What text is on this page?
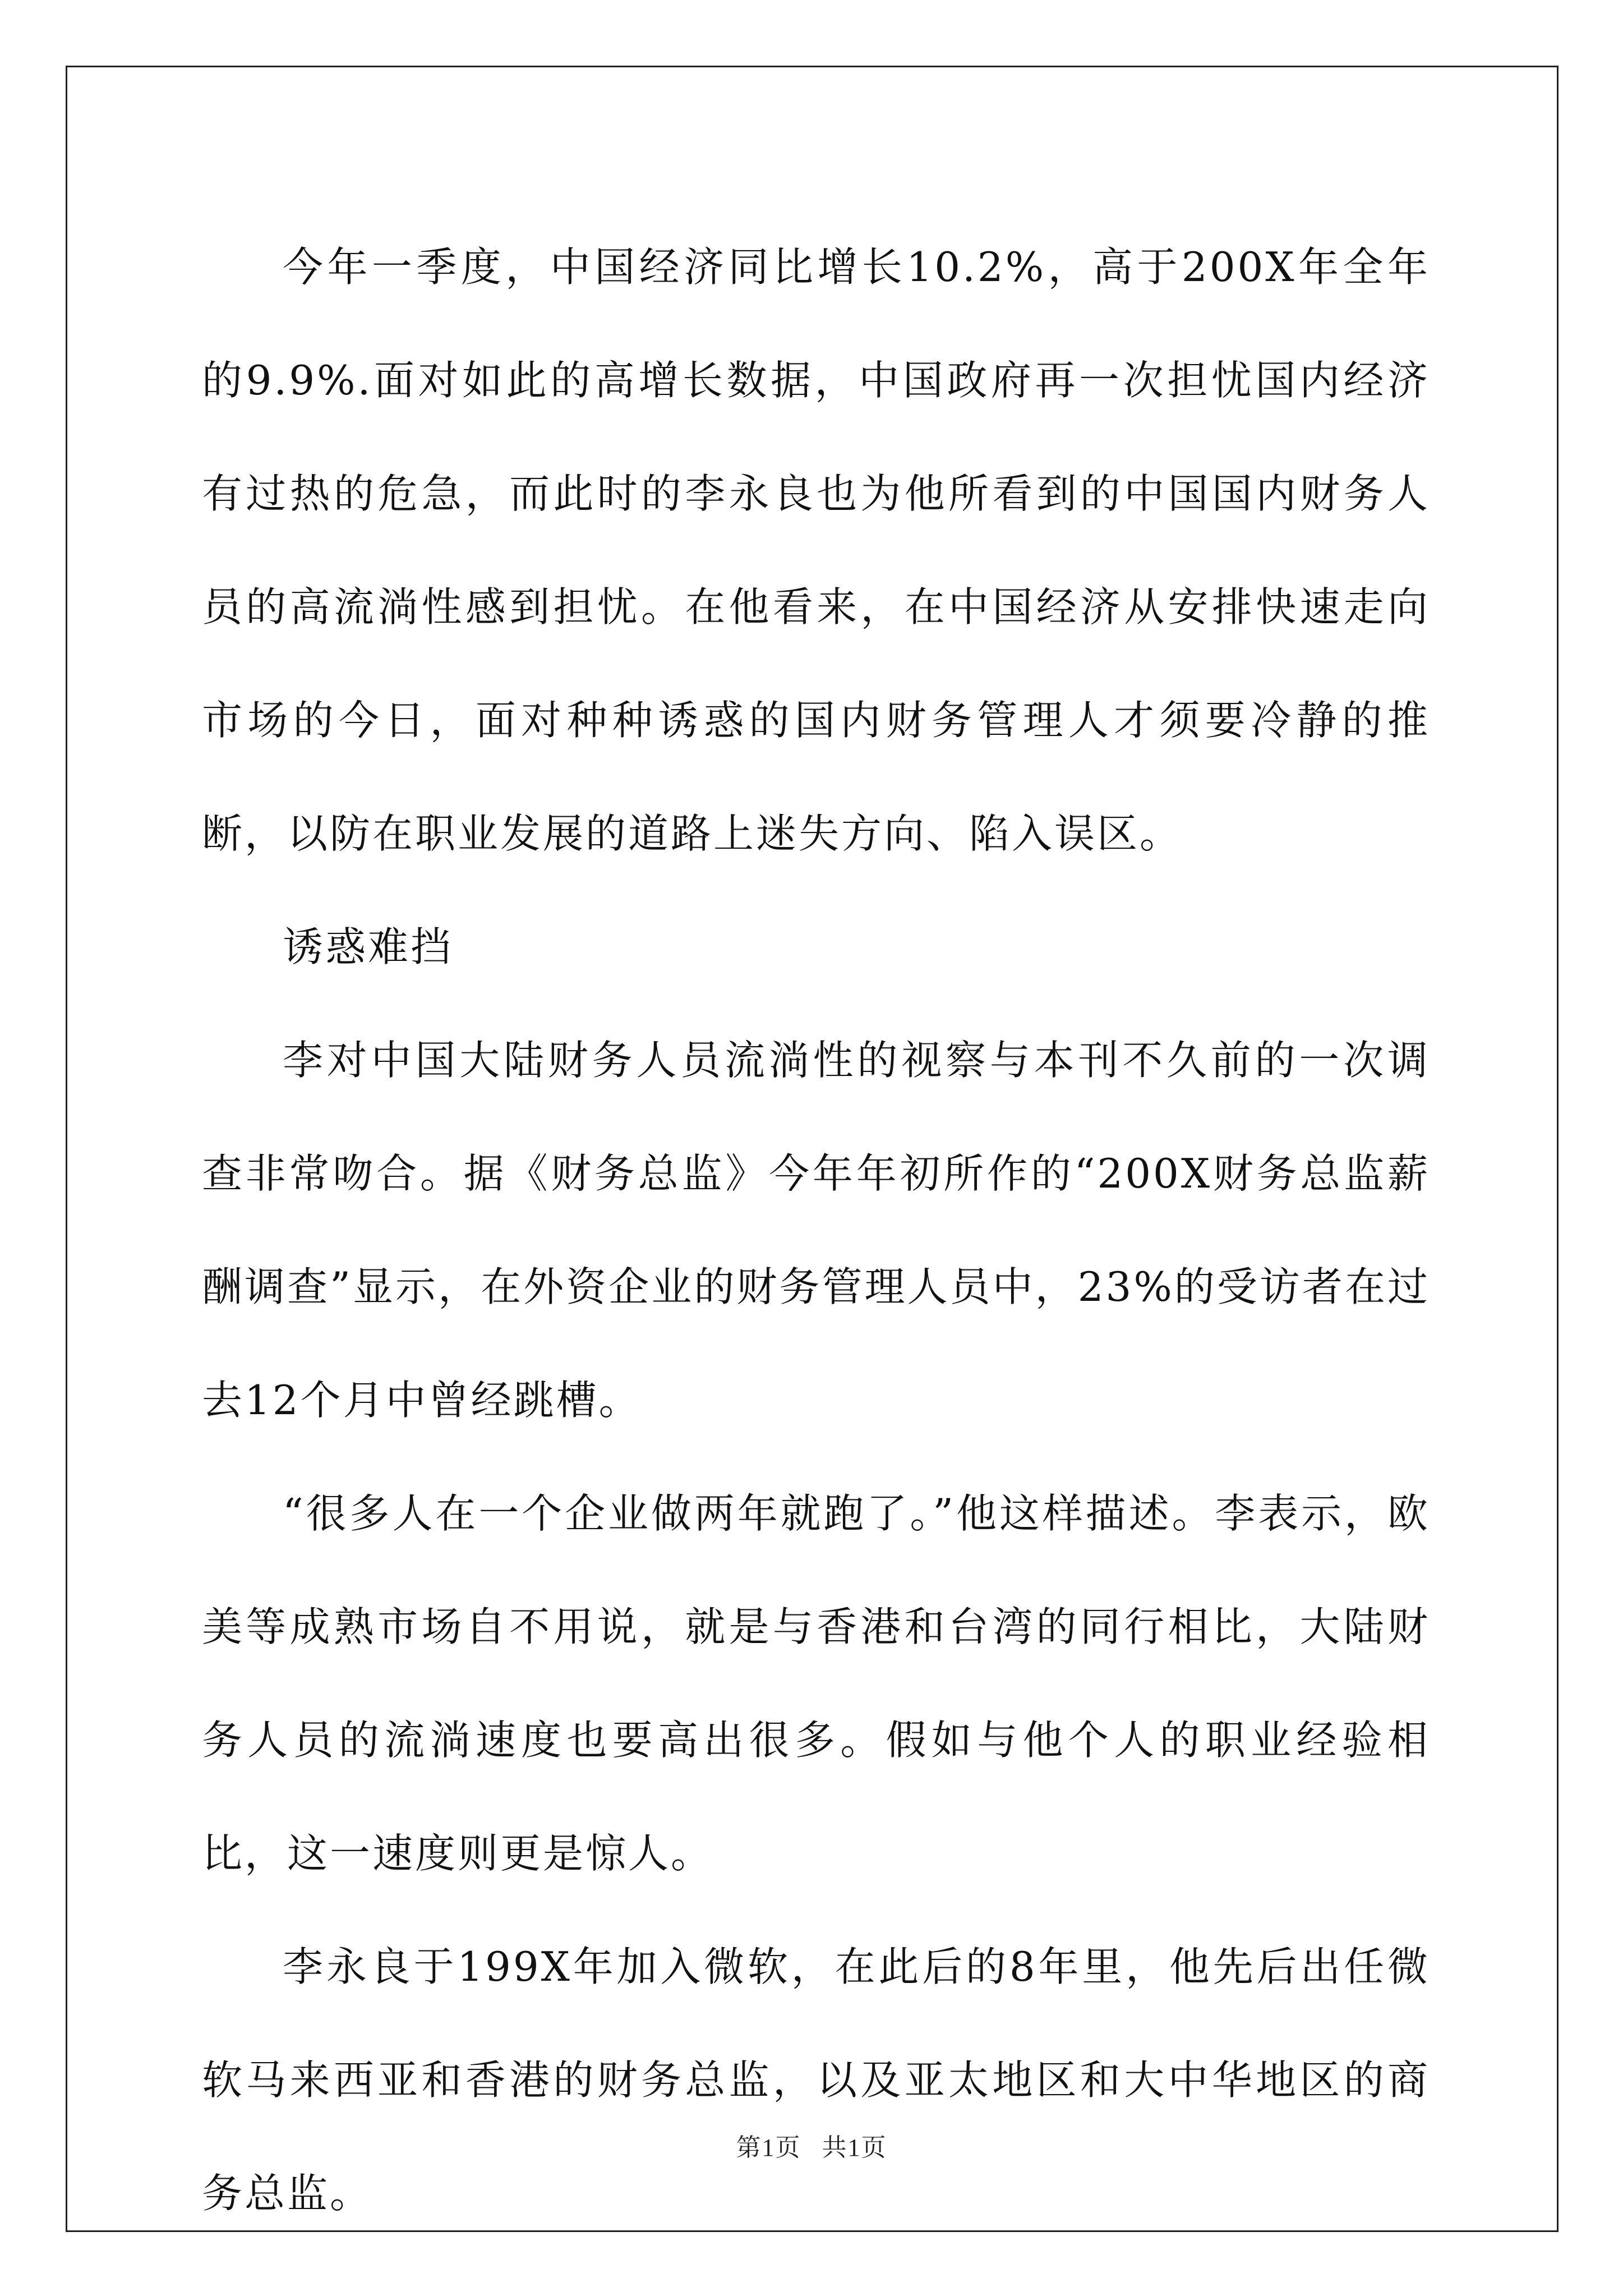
今年一季度，中国经济同比增长10.2%，高于200X年全年的9.9%.面对如此的高增长数据，中国政府再一次担忧国内经济有过热的危急，而此时的李永良也为他所看到的中国国内财务人员的高流淌性感到担忧。在他看来，在中国经济从安排快速走向市场的今日，面对种种诱惑的国内财务管理人才须要冷静的推断，以防在职业发展的道路上迷失方向、陷入误区。

诱惑难挡

李对中国大陆财务人员流淌性的视察与本刊不久前的一次调查非常吻合。据《财务总监》今年年初所作的“200X财务总监薪酬调查”显示，在外资企业的财务管理人员中，23%的受访者在过去12个月中曾经跳槽。

“很多人在一个企业做两年就跑了。”他这样描述。李表示，欧美等成熟市场自不用说，就是与香港和台湾的同行相比，大陆财务人员的流淌速度也要高出很多。假如与他个人的职业经验相比，这一速度则更是惊人。

李永良于199X年加入微软，在此后的8年里，他先后出任微软马来西亚和香港的财务总监，以及亚太地区和大中华地区的商务总监。

第1页 共1页
